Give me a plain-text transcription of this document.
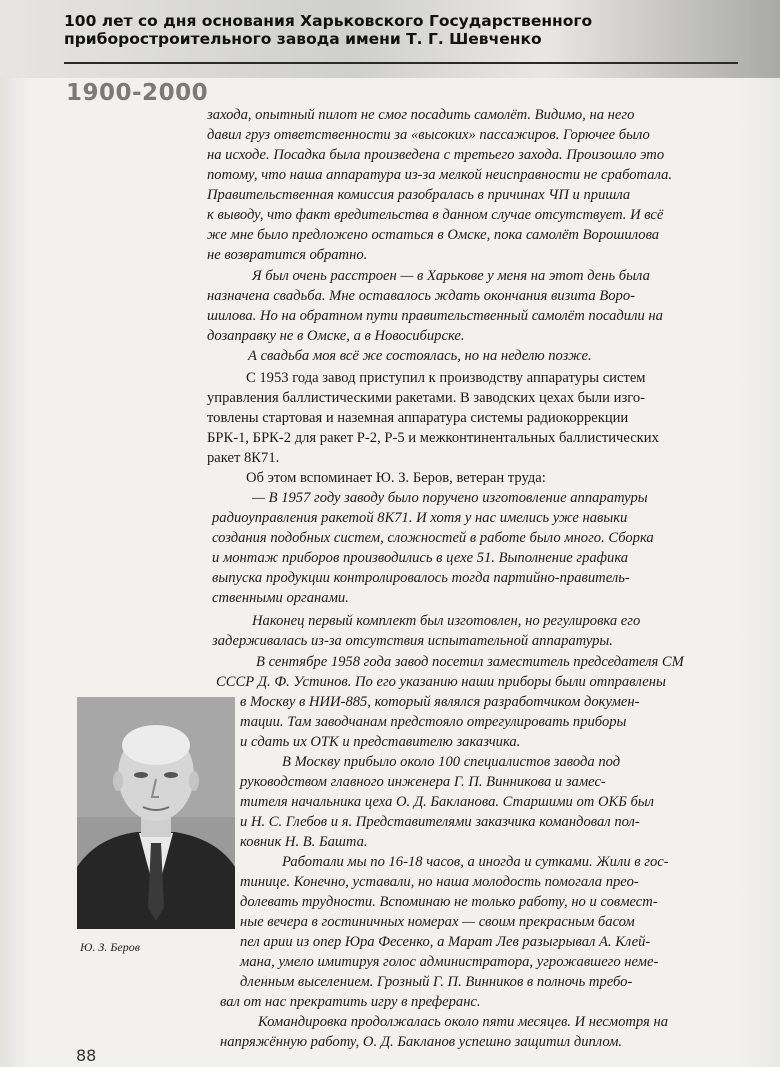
100 лет со дня основания Харьковского Государственного
приборостроительного завода имени Т. Г. Шевченко
1900-2000

захода, опытный пилот не смог посадить самолёт. Видимо, на него

давил груз ответственности за «высоких» пассажиров. Горючее было

на исходе. Посадка была произведена с третьего захода. Произошло это

потому, что наша аппаратура из-за мелкой неисправности не сработала.

Правительственная комиссия разобралась в причинах ЧП и пришла

к выводу, что факт вредительства в данном случае отсутствует. И всё

же мне было предложено остаться в Омске, пока самолёт Ворошилова

не возвратится обратно.

Я был очень расстроен — в Харькове у меня на этот день была

назначена свадьба. Мне оставалось ждать окончания визита Воро-

шилова. Но на обратном пути правительственный самолёт посадили на

дозаправку не в Омске, а в Новосибирске.

А свадьба моя всё же состоялась, но на неделю позже.

С 1953 года завод приступил к производству аппаратуры систем

управления баллистическими ракетами. В заводских цехах были изго-

товлены стартовая и наземная аппаратура системы радиокоррекции

БРК-1, БРК-2 для ракет Р-2, Р-5 и межконтинентальных баллистических

ракет 8К71.

Об этом вспоминает Ю. З. Беров, ветеран труда:

— В 1957 году заводу было поручено изготовление аппаратуры

радиоуправления ракетой 8К71. И хотя у нас имелись уже навыки

создания подобных систем, сложностей в работе было много. Сборка

и монтаж приборов производились в цехе 51. Выполнение графика

выпуска продукции контролировалось тогда партийно-правитель-

ственными органами.

Наконец первый комплект был изготовлен, но регулировка его

задерживалась из-за отсутствия испытательной аппаратуры.

В сентябре 1958 года завод посетил заместитель председателя СМ

СССР Д. Ф. Устинов. По его указанию наши приборы были отправлены

в Москву в НИИ-885, который являлся разработчиком докумен-

тации. Там заводчанам предстояло отрегулировать приборы

и сдать их ОТК и представителю заказчика.

В Москву прибыло около 100 специалистов завода под

руководством главного инженера Г. П. Винникова и замес-

тителя начальника цеха О. Д. Бакланова. Старшими от ОКБ был

и Н. С. Глебов и я. Представителями заказчика командовал пол-

ковник Н. В. Башта.

Работали мы по 16-18 часов, а иногда и сутками. Жили в гос-

тинице. Конечно, уставали, но наша молодость помогала прео-

долевать трудности. Вспоминаю не только работу, но и совмест-

ные вечера в гостиничных номерах — своим прекрасным басом

пел арии из опер Юра Фесенко, а Марат Лев разыгрывал А. Клей-

мана, умело имитируя голос администратора, угрожавшего неме-

дленным выселением. Грозный Г. П. Винников в полночь требо-

вал от нас прекратить игру в преферанс.

Командировка продолжалась около пяти месяцев. И несмотря на

напряжённую работу, О. Д. Бакланов успешно защитил диплом.

Ю. З. Беров
88
